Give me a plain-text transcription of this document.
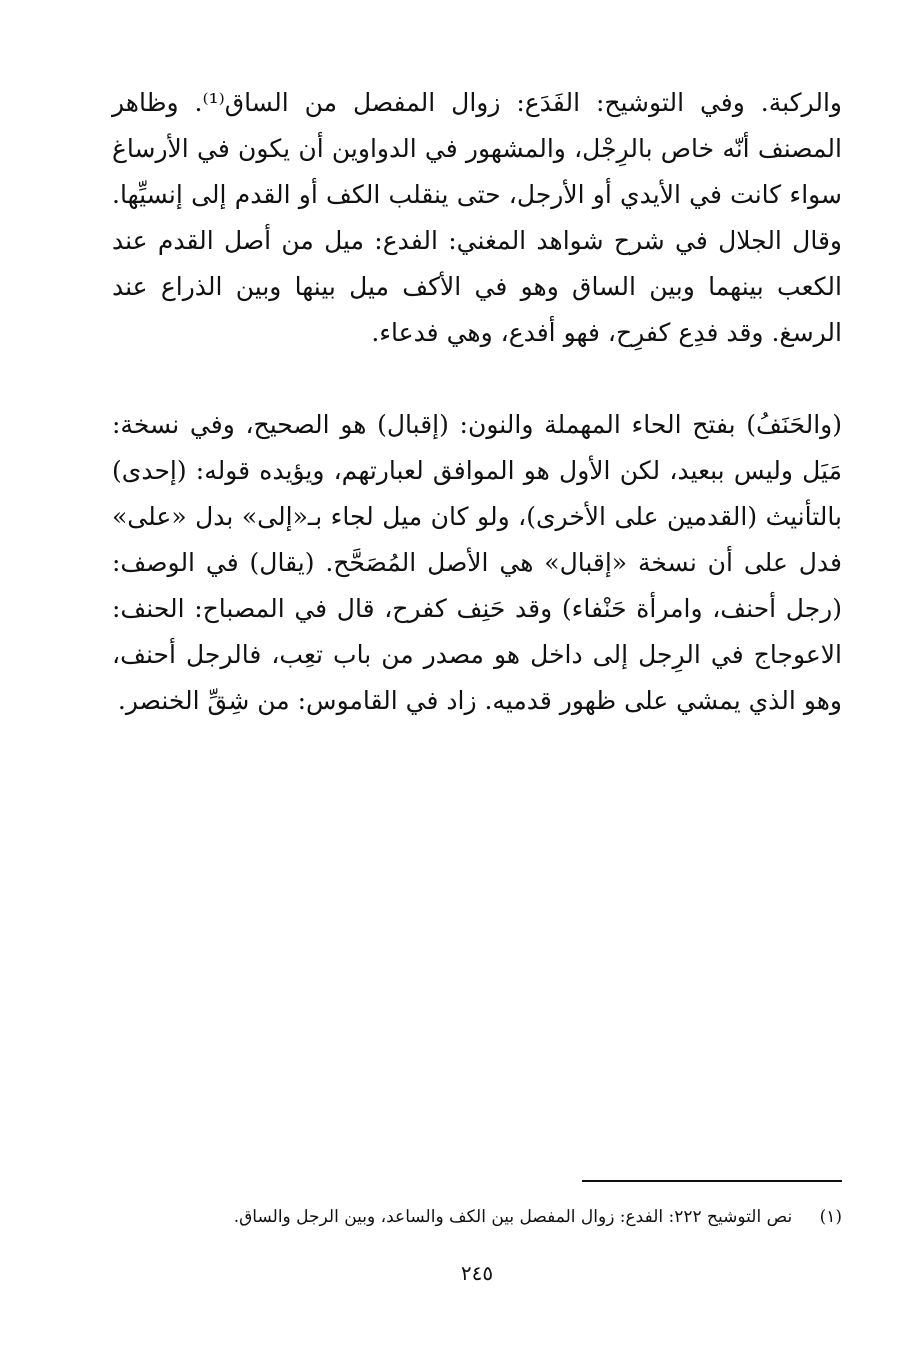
والركبة. وفي التوشيح: الفَدَع: زوال المفصل من الساق⁽¹⁾. وظاهر المصنف أنّه خاص بالرِجْل، والمشهور في الدواوين أن يكون في الأرساغ سواء كانت في الأيدي أو الأرجل، حتى ينقلب الكف أو القدم إلى إنسيِّها. وقال الجلال في شرح شواهد المغني: الفدع: ميل من أصل القدم عند الكعب بينهما وبين الساق وهو في الأكف ميل بينها وبين الذراع عند الرسغ. وقد فدِع كفرِح، فهو أفدع، وهي فدعاء.

(والحَنَفُ) بفتح الحاء المهملة والنون: (إقبال) هو الصحيح، وفي نسخة: مَيَل وليس ببعيد، لكن الأول هو الموافق لعبارتهم، ويؤيده قوله: (إحدى) بالتأنيث (القدمين على الأخرى)، ولو كان ميل لجاء بـ«إلى» بدل «على» فدل على أن نسخة «إقبال» هي الأصل المُصَحَّح. (يقال) في الوصف: (رجل أحنف، وامرأة حَنْفاء) وقد حَنِف كفرح، قال في المصباح: الحنف: الاعوجاج في الرِجل إلى داخل هو مصدر من باب تعِب، فالرجل أحنف، وهو الذي يمشي على ظهور قدميه. زاد في القاموس: من شِقِّ الخنصر.

(١) نص التوشيح ٢٢٢: الفدع: زوال المفصل بين الكف والساعد، وبين الرجل والساق.

٢٤٥
